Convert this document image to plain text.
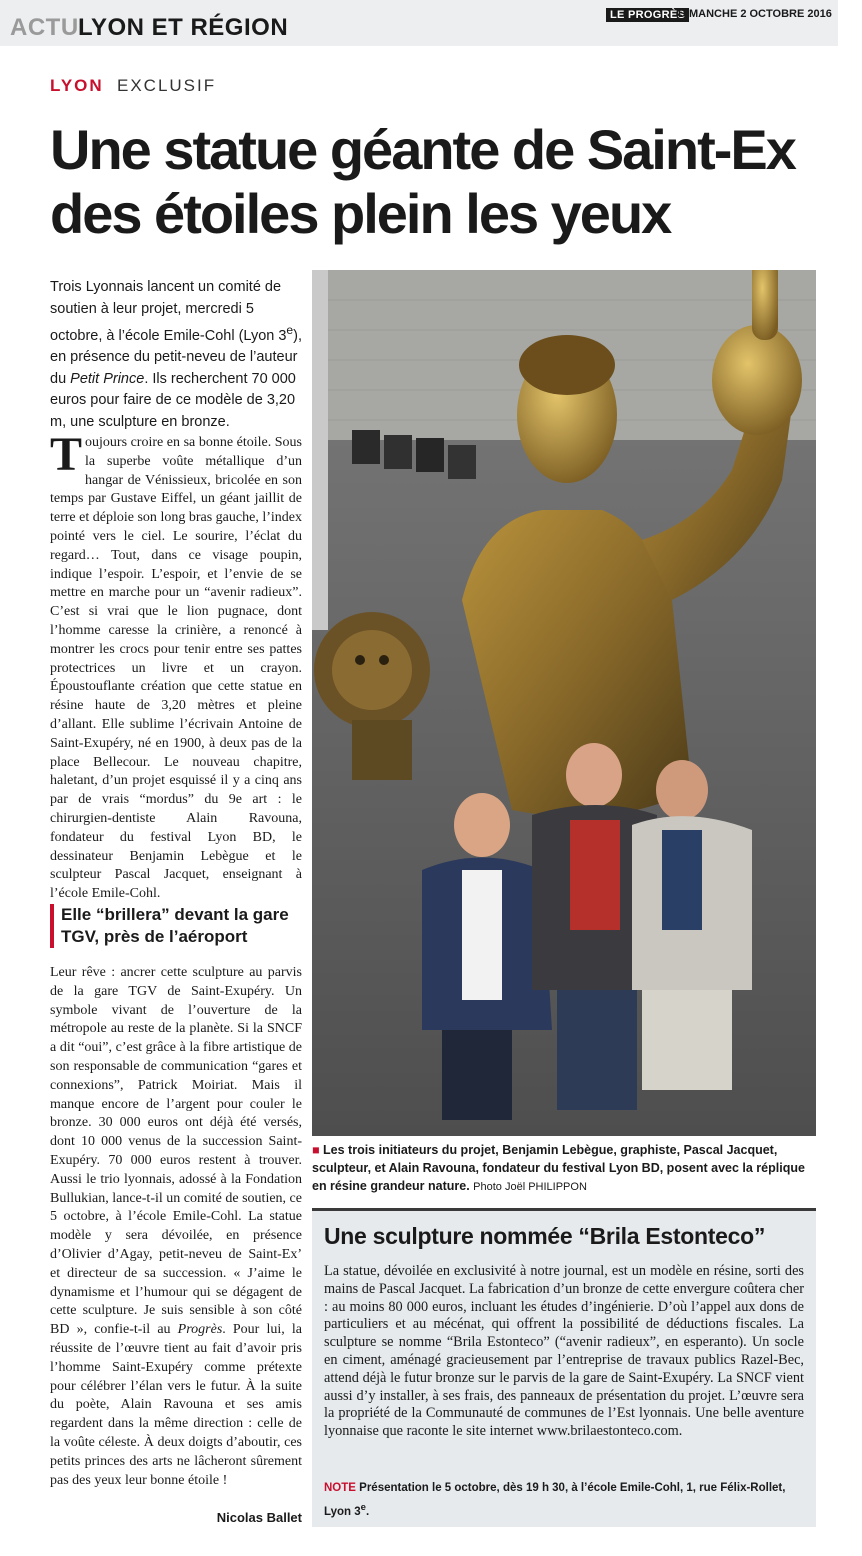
ACTU LYON ET RÉGION	LE PROGRÈS
DIMANCHE 2 OCTOBRE 2016
LYON EXCLUSIF
Une statue géante de Saint-Ex
des étoiles plein les yeux
Trois Lyonnais lancent un comité de soutien à leur projet, mercredi 5 octobre, à l’école Emile-Cohl (Lyon 3e), en présence du petit-neveu de l’auteur du Petit Prince. Ils recherchent 70 000 euros pour faire de ce modèle de 3,20 m, une sculpture en bronze.
Toujours croire en sa bonne étoile. Sous la superbe voûte métallique d’un hangar de Vénissieux, bricolée en son temps par Gustave Eiffel, un géant jaillit de terre et déploie son long bras gauche, l’index pointé vers le ciel. Le sourire, l’éclat du regard… Tout, dans ce visage poupin, indique l’espoir. L’espoir, et l’envie de se mettre en marche pour un “avenir radieux”. C’est si vrai que le lion pugnace, dont l’homme caresse la crinière, a renoncé à montrer les crocs pour tenir entre ses pattes protectrices un livre et un crayon. Époustouflante création que cette statue en résine haute de 3,20 mètres et pleine d’allant. Elle sublime l’écrivain Antoine de Saint-Exupéry, né en 1900, à deux pas de la place Bellecour. Le nouveau chapitre, haletant, d’un projet esquissé il y a cinq ans par de vrais “mordus” du 9e art : le chirurgien-dentiste Alain Ravouna, fondateur du festival Lyon BD, le dessinateur Benjamin Lebègue et le sculpteur Pascal Jacquet, enseignant à l’école Emile-Cohl.
Elle “brillera” devant la gare TGV, près de l’aéroport
Leur rêve : ancrer cette sculpture au parvis de la gare TGV de Saint-Exupéry. Un symbole vivant de l’ouverture de la métropole au reste de la planète. Si la SNCF a dit “oui”, c’est grâce à la fibre artistique de son responsable de communication “gares et connexions”, Patrick Moiriat. Mais il manque encore de l’argent pour couler le bronze. 30 000 euros ont déjà été versés, dont 10 000 venus de la succession Saint-Exupéry. 70 000 euros restent à trouver. Aussi le trio lyonnais, adossé à la Fondation Bullukian, lance-t-il un comité de soutien, ce 5 octobre, à l’école Emile-Cohl. La statue modèle y sera dévoilée, en présence d’Olivier d’Agay, petit-neveu de Saint-Ex’ et directeur de sa succession. « J’aime le dynamisme et l’humour qui se dégagent de cette sculpture. Je suis sensible à son côté BD », confie-t-il au Progrès. Pour lui, la réussite de l’œuvre tient au fait d’avoir pris l’homme Saint-Exupéry comme prétexte pour célébrer l’élan vers le futur. À la suite du poète, Alain Ravouna et ses amis regardent dans la même direction : celle de la voûte céleste. À deux doigts d’aboutir, ces petits princes des arts ne lâcheront sûrement pas des yeux leur bonne étoile !
Nicolas Ballet
■ Les trois initiateurs du projet, Benjamin Lebègue, graphiste, Pascal Jacquet, sculpteur, et Alain Ravouna, fondateur du festival Lyon BD, posent avec la réplique en résine grandeur nature. Photo Joël PHILIPPON
Une sculpture nommée “Brila Estonteco”
La statue, dévoilée en exclusivité à notre journal, est un modèle en résine, sorti des mains de Pascal Jacquet. La fabrication d’un bronze de cette envergure coûtera cher : au moins 80 000 euros, incluant les études d’ingénierie. D’où l’appel aux dons de particuliers et au mécénat, qui offrent la possibilité de déductions fiscales. La sculpture se nomme “Brila Estonteco” (“avenir radieux”, en esperanto). Un socle en ciment, aménagé gracieusement par l’entreprise de travaux publics Razel-Bec, attend déjà le futur bronze sur le parvis de la gare de Saint-Exupéry. La SNCF vient aussi d’y installer, à ses frais, des panneaux de présentation du projet. L’œuvre sera la propriété de la Communauté de communes de l’Est lyonnais. Une belle aventure lyonnaise que raconte le site internet www.brilaestonteco.com.
NOTE Présentation le 5 octobre, dès 19 h 30, à l’école Emile-Cohl, 1, rue Félix-Rollet, Lyon 3e.
